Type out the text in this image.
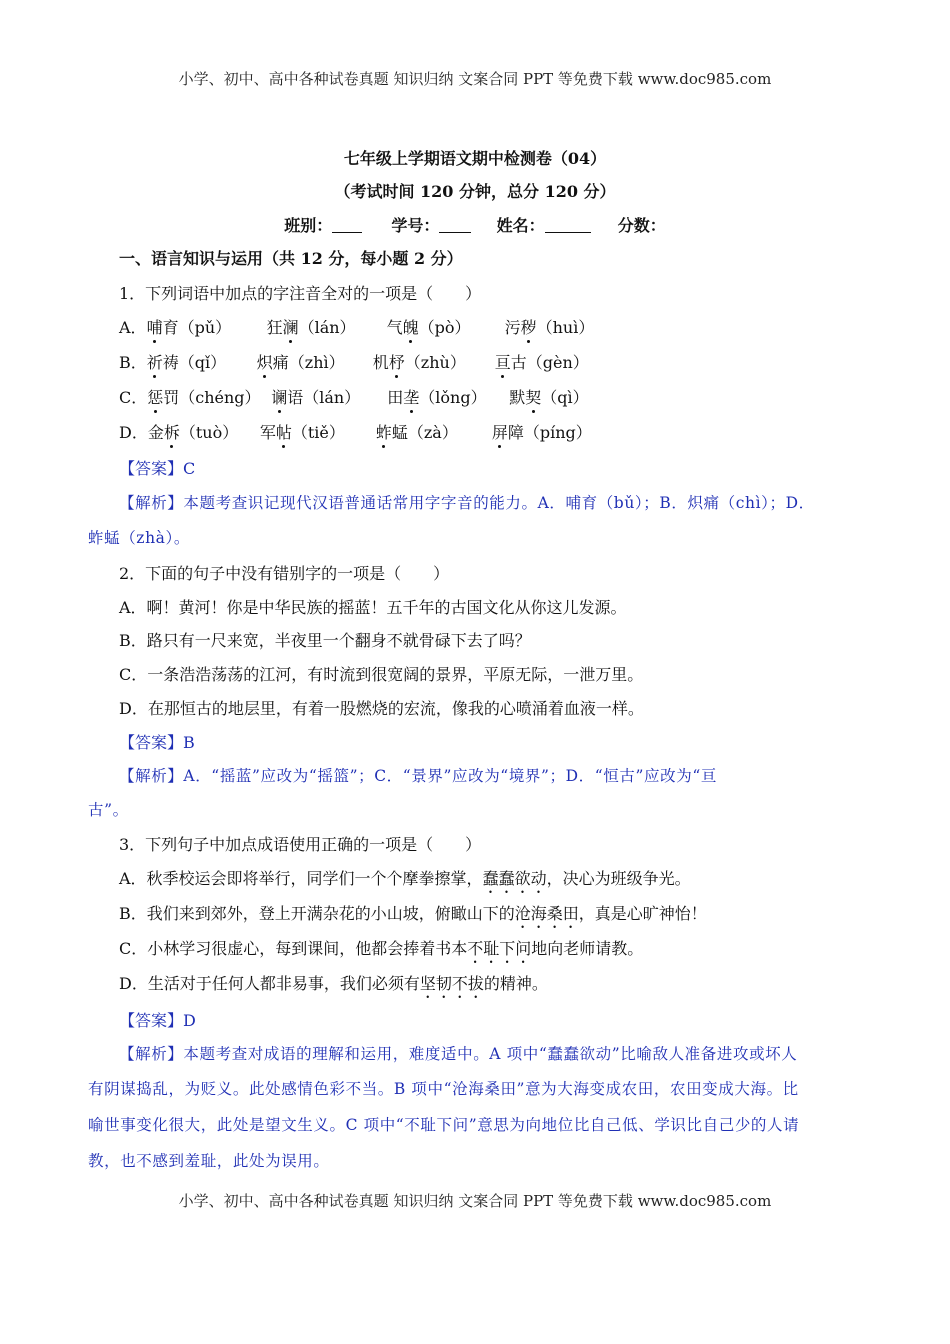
小学、初中、高中各种试卷真题 知识归纳 文案合同 PPT 等免费下载 www.doc985.com
七年级上学期语文期中检测卷（04）
（考试时间 120 分钟，总分 120 分）
班别：	学号：	姓名：	分数：
一、语言知识与运用（共 12 分，每小题 2 分）
1．下列词语中加点的字注音全对的一项是（　　）
A．哺育（pǔ） 狂澜（lán） 气魄（pò） 污秽（huì）
B．祈祷（qǐ） 炽痛（zhì） 机杼（zhù） 亘古（gèn）
C．惩罚（chéng） 谰语（lán） 田垄（lǒng） 默契（qì）
D．金柝（tuò） 军帖（tiě） 蚱蜢（zà） 屏障（píng）
【答案】C
【解析】本题考查识记现代汉语普通话常用字字音的能力。A．哺育（bǔ）；B．炽痛（chì）；D．
蚱蜢（zhà）。
2．下面的句子中没有错别字的一项是（　　）
A．啊！黄河！你是中华民族的摇蓝！五千年的古国文化从你这儿发源。
B．路只有一尺来宽，半夜里一个翻身不就骨碌下去了吗？
C．一条浩浩荡荡的江河，有时流到很宽阔的景界，平原无际，一泄万里。
D．在那恒古的地层里，有着一股燃烧的宏流，像我的心喷涌着血液一样。
【答案】B
【解析】A．“摇蓝”应改为“摇篮”；C．“景界”应改为“境界”；D．“恒古”应改为“亘
古”。
3．下列句子中加点成语使用正确的一项是（　　）
A．秋季校运会即将举行，同学们一个个摩拳擦掌，蠢蠢欲动，决心为班级争光。
B．我们来到郊外，登上开满杂花的小山坡，俯瞰山下的沧海桑田，真是心旷神怡！
C．小林学习很虚心，每到课间，他都会捧着书本不耻下问地向老师请教。
D．生活对于任何人都非易事，我们必须有坚韧不拔的精神。
【答案】D
【解析】本题考查对成语的理解和运用，难度适中。A 项中“蠢蠢欲动”比喻敌人准备进攻或坏人
有阴谋捣乱，为贬义。此处感情色彩不当。B 项中“沧海桑田”意为大海变成农田，农田变成大海。比
喻世事变化很大，此处是望文生义。C 项中“不耻下问”意思为向地位比自己低、学识比自己少的人请
教，也不感到羞耻，此处为误用。
小学、初中、高中各种试卷真题 知识归纳 文案合同 PPT 等免费下载 www.doc985.com
